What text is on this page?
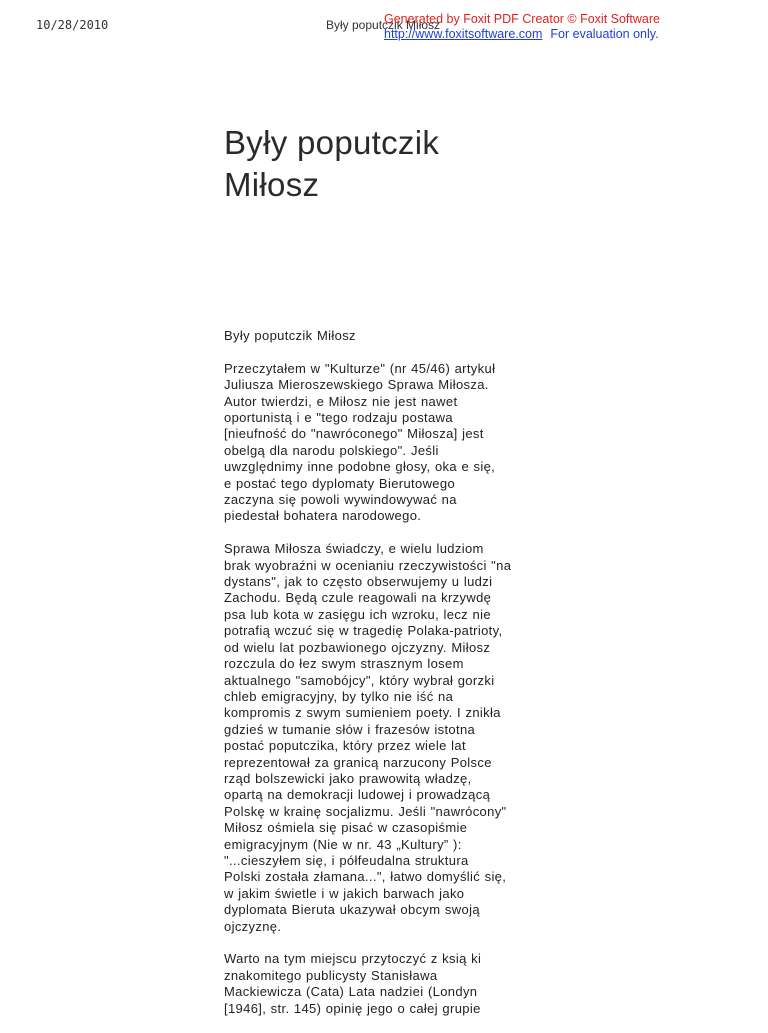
10/28/2010	Były poputczik Miłosz
Generated by Foxit PDF Creator © Foxit Software
http://www.foxitsoftware.com For evaluation only.
Były poputczik
Miłosz
Były poputczik Miłosz
Przeczytałem w "Kulturze" (nr 45/46) artykuł
Juliusza Mieroszewskiego Sprawa Miłosza.
Autor twierdzi, e Miłosz nie jest nawet
oportunistą i e "tego rodzaju postawa
[nieufność do "nawróconego" Miłosza] jest
obelgą dla narodu polskiego". Jeśli
uwzględnimy inne podobne głosy, oka e się,
e postać tego dyplomaty Bierutowego
zaczyna się powoli wywindowywać na
piedestał bohatera narodowego.
Sprawa Miłosza świadczy, e wielu ludziom
brak wyobraźni w ocenianiu rzeczywistości "na
dystans", jak to często obserwujemy u ludzi
Zachodu. Będą czule reagowali na krzywdę
psa lub kota w zasięgu ich wzroku, lecz nie
potrafią wczuć się w tragedię Polaka-patrioty,
od wielu lat pozbawionego ojczyzny. Miłosz
rozczula do łez swym strasznym losem
aktualnego "samobójcy", który wybrał gorzki
chleb emigracyjny, by tylko nie iść na
kompromis z swym sumieniem poety. I znikła
gdzieś w tumanie słów i frazesów istotna
postać poputczika, który przez wiele lat
reprezentował za granicą narzucony Polsce
rząd bolszewicki jako prawowitą władzę,
opartą na demokracji ludowej i prowadzącą
Polskę w krainę socjalizmu. Jeśli "nawrócony"
Miłosz ośmiela się pisać w czasopiśmie
emigracyjnym (Nie w nr. 43 „Kultury” ):
"...cieszyłem się, i półfeudalna struktura
Polski została złamana...", łatwo domyślić się,
w jakim świetle i w jakich barwach jako
dyplomata Bieruta ukazywał obcym swoją
ojczyznę.
Warto na tym miejscu przytoczyć z ksią ki
znakomitego publicysty Stanisława
Mackiewicza (Cata) Lata nadziei (Londyn
[1946], str. 145) opinię jego o całej grupie
